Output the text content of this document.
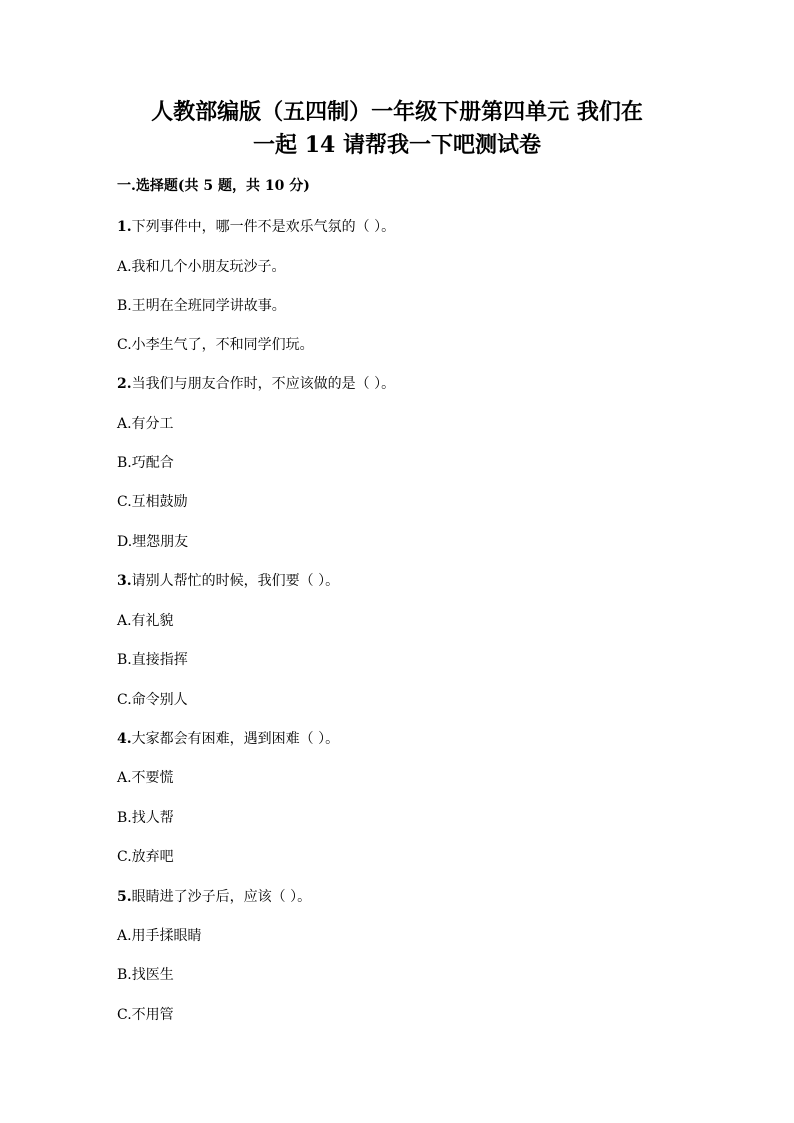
人教部编版（五四制）一年级下册第四单元 我们在
一起 14 请帮我一下吧测试卷
一.选择题(共 5 题，共 10 分)
1.下列事件中，哪一件不是欢乐气氛的（ ）。
A.我和几个小朋友玩沙子。
B.王明在全班同学讲故事。
C.小李生气了，不和同学们玩。
2.当我们与朋友合作时，不应该做的是（ ）。
A.有分工
B.巧配合
C.互相鼓励
D.埋怨朋友
3.请别人帮忙的时候，我们要（ ）。
A.有礼貌
B.直接指挥
C.命令别人
4.大家都会有困难，遇到困难（ ）。
A.不要慌
B.找人帮
C.放弃吧
5.眼睛进了沙子后，应该（ ）。
A.用手揉眼睛
B.找医生
C.不用管
